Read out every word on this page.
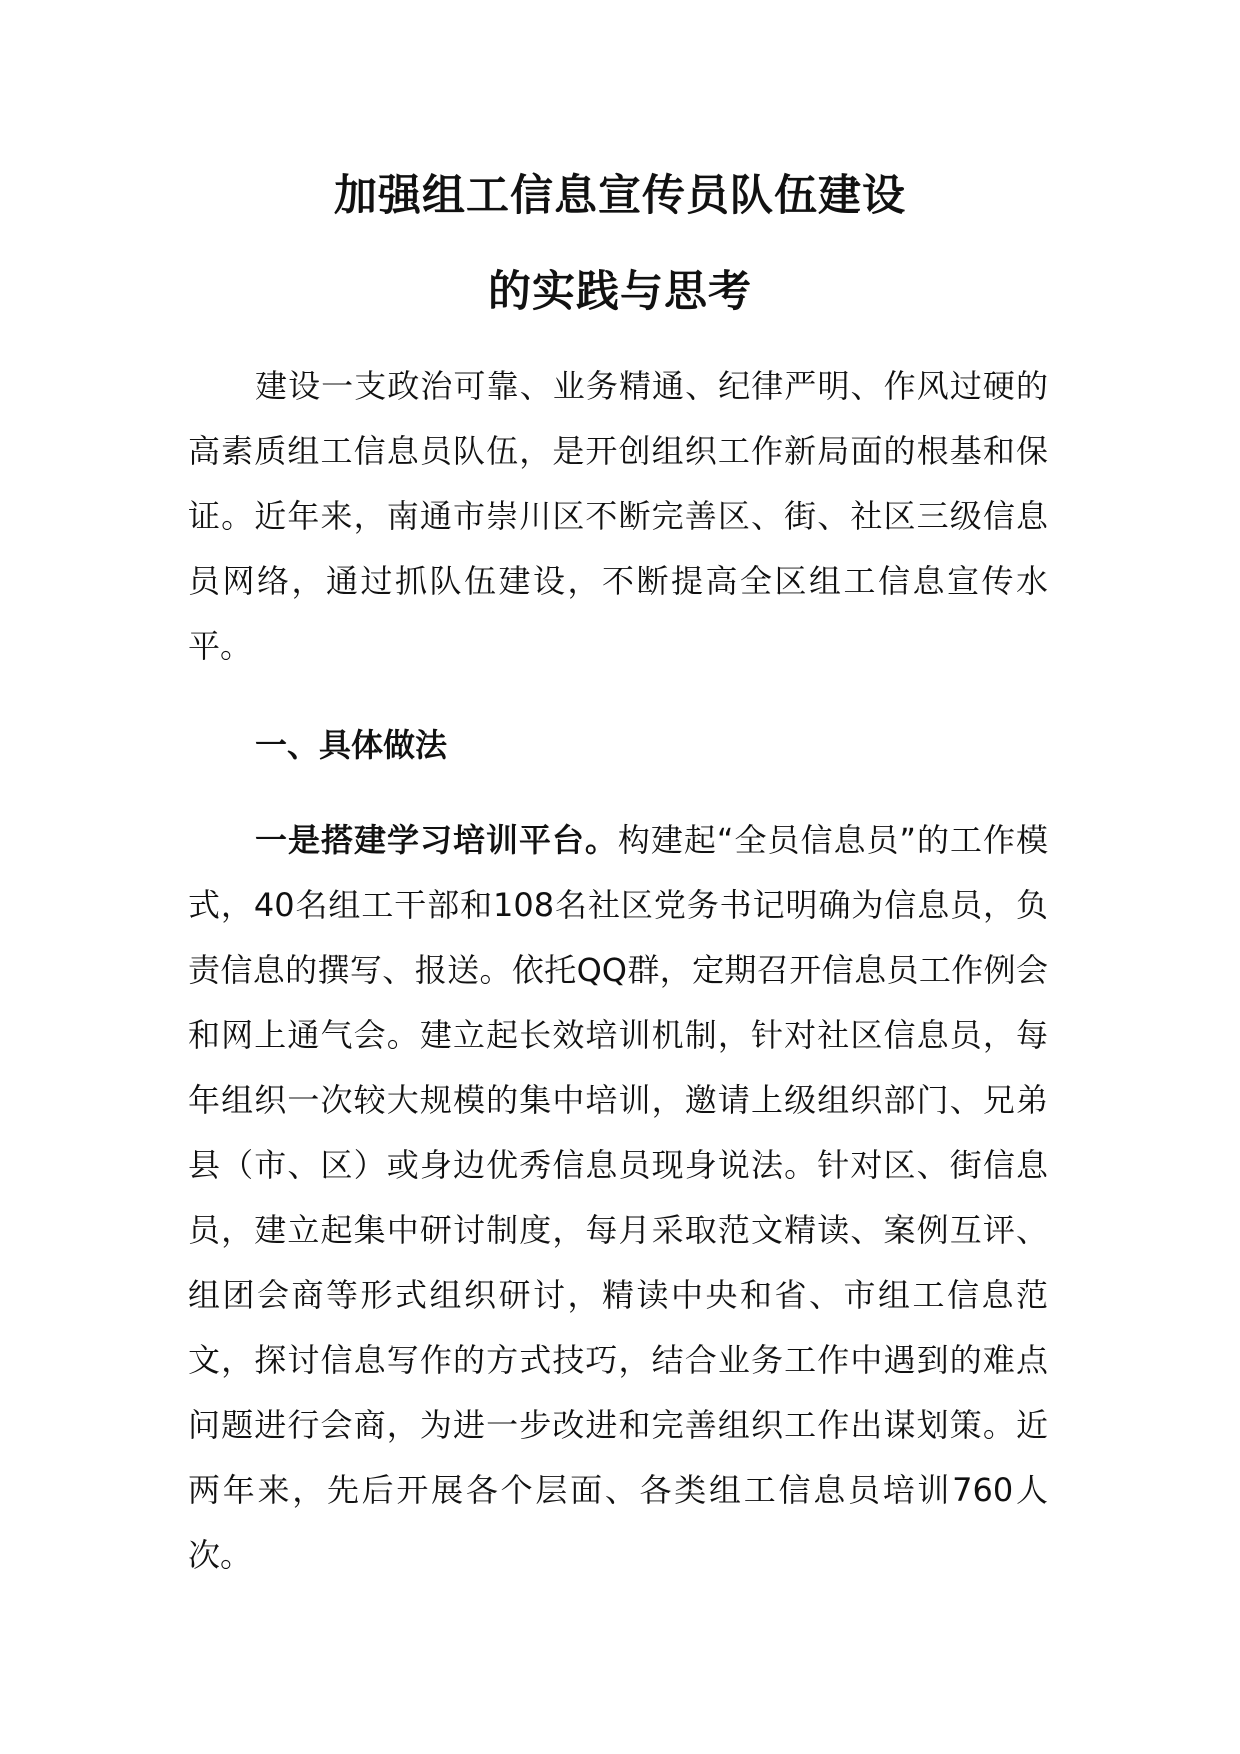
加强组工信息宣传员队伍建设
的实践与思考

建设一支政治可靠、业务精通、纪律严明、作风过硬的高素质组工信息员队伍，是开创组织工作新局面的根基和保证。近年来，南通市崇川区不断完善区、街、社区三级信息员网络，通过抓队伍建设，不断提高全区组工信息宣传水平。

一、具体做法

一是搭建学习培训平台。构建起“全员信息员”的工作模式，40名组工干部和108名社区党务书记明确为信息员，负责信息的撰写、报送。依托QQ群，定期召开信息员工作例会和网上通气会。建立起长效培训机制，针对社区信息员，每年组织一次较大规模的集中培训，邀请上级组织部门、兄弟县（市、区）或身边优秀信息员现身说法。针对区、街信息员，建立起集中研讨制度，每月采取范文精读、案例互评、组团会商等形式组织研讨，精读中央和省、市组工信息范文，探讨信息写作的方式技巧，结合业务工作中遇到的难点问题进行会商，为进一步改进和完善组织工作出谋划策。近两年来，先后开展各个层面、各类组工信息员培训760人次。
